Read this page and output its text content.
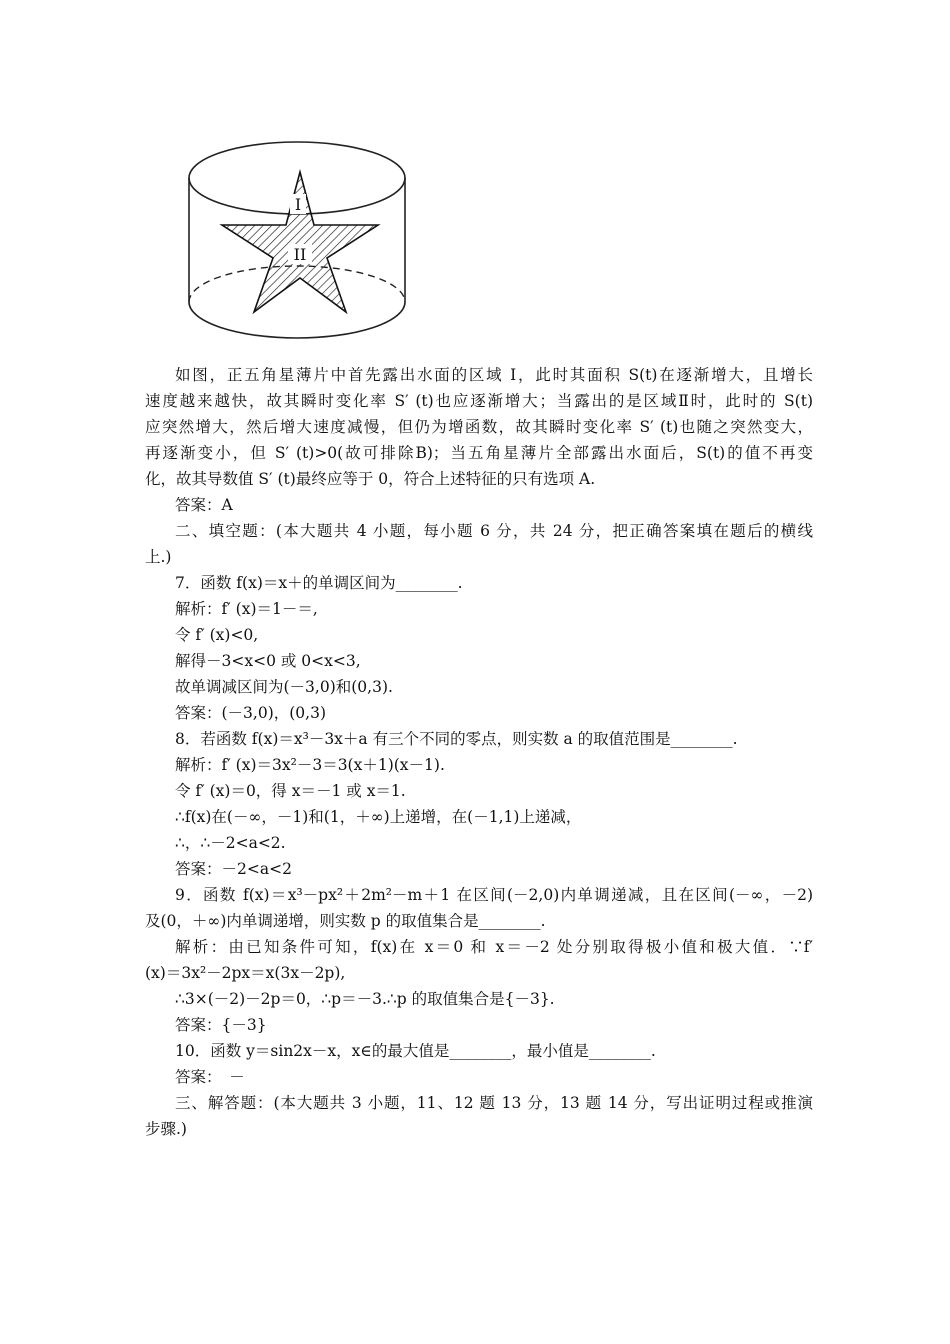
I
II
如图，正五角星薄片中首先露出水面的区域 I，此时其面积 S(t)在逐渐增大，且增长
速度越来越快，故其瞬时变化率 S′ (t)也应逐渐增大；当露出的是区域Ⅱ时，此时的 S(t)
应突然增大，然后增大速度减慢，但仍为增函数，故其瞬时变化率 S′ (t)也随之突然变大，
再逐渐变小，但 S′ (t)>0(故可排除B)；当五角星薄片全部露出水面后，S(t)的值不再变
化，故其导数值 S′ (t)最终应等于 0，符合上述特征的只有选项 A.
答案：A
二、填空题：(本大题共 4 小题，每小题 6 分，共 24 分，把正确答案填在题后的横线
上.)
7．函数 f(x)＝x＋的单调区间为________.
解析：f′ (x)＝1－＝,
令 f′ (x)<0,
解得－3<x<0 或 0<x<3,
故单调减区间为(－3,0)和(0,3).
答案：(－3,0)，(0,3)
8．若函数 f(x)＝x³－3x＋a 有三个不同的零点，则实数 a 的取值范围是________.
解析：f′ (x)＝3x²－3＝3(x＋1)(x－1).
令 f′ (x)＝0，得 x＝－1 或 x＝1.
∴f(x)在(－∞，－1)和(1，＋∞)上递增，在(－1,1)上递减，
∴，∴－2<a<2.
答案：－2<a<2
9．函数 f(x)＝x³－px²＋2m²－m＋1 在区间(－2,0)内单调递减，且在区间(－∞，－2)
及(0，＋∞)内单调递增，则实数 p 的取值集合是________.
解析：由已知条件可知，f(x)在 x＝0 和 x＝－2 处分别取得极小值和极大值．∵f′
(x)＝3x²－2px＝x(3x－2p),
∴3×(－2)－2p＝0，∴p＝－3.∴p 的取值集合是{－3}.
答案：{－3}
10．函数 y＝sin2x－x，x∈的最大值是________，最小值是________.
答案：　－
三、解答题：(本大题共 3 小题，11、12 题 13 分，13 题 14 分，写出证明过程或推演
步骤.)
